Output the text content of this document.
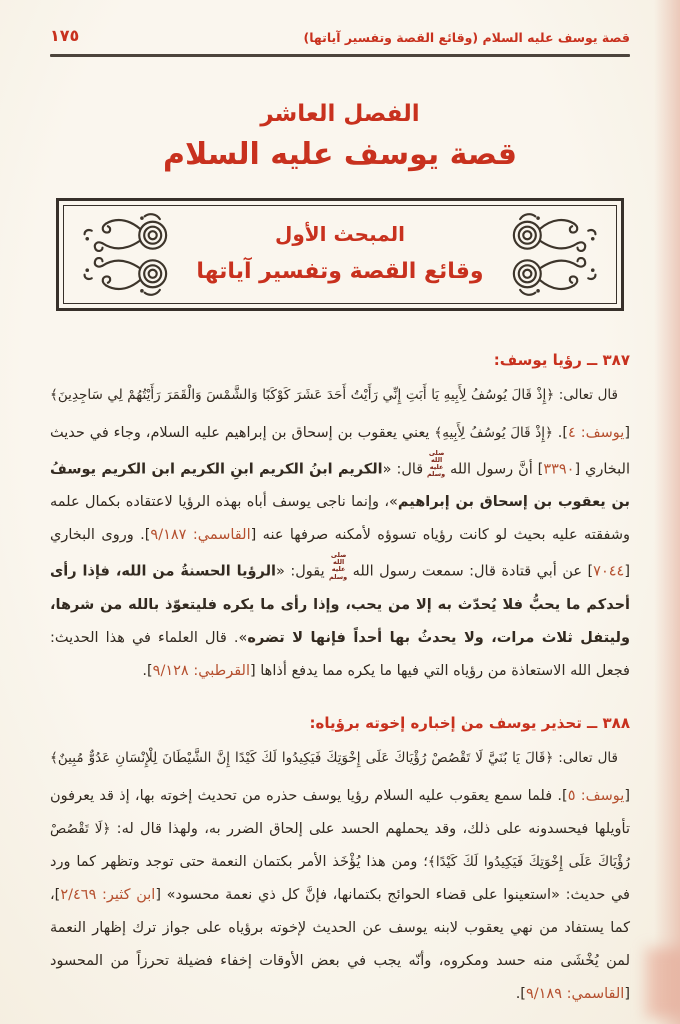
قصة يوسف عليه السلام (وقائع القصة وتفسير آياتها)
١٧٥
الفصل العاشر
قصة يوسف عليه السلام
المبحث الأول
وقائع القصة وتفسير آياتها
٣٨٧ ــ رؤيا يوسف:

قال تعالى: ﴿إِذْ قَالَ يُوسُفُ لِأَبِيهِ يَا أَبَتِ إِنِّي رَأَيْتُ أَحَدَ عَشَرَ كَوْكَبًا وَالشَّمْسَ وَالْقَمَرَ رَأَيْتُهُمْ لِي سَاجِدِينَ﴾

[يوسف: ٤]. ﴿إِذْ قَالَ يُوسُفُ لِأَبِيهِ﴾ يعني يعقوب بن إسحاق بن إبراهيم عليه السلام، وجاء في حديث البخاري [٣٣٩٠] أنَّ رسول الله صلى الله عليه وسلم قال: «الكريم ابنُ الكريم ابنِ الكريم ابن الكريم يوسفُ بن يعقوب بن إسحاق بن إبراهيم»، وإنما ناجى يوسف أباه بهذه الرؤيا لاعتقاده بكمال علمه وشفقته عليه بحيث لو كانت رؤياه تسوؤه لأمكنه صرفها عنه [القاسمي: ٩/١٨٧]. وروى البخاري [٧٠٤٤] عن أبي قتادة قال: سمعت رسول الله صلى الله عليه وسلم يقول: «الرؤيا الحسنةُ من الله، فإذا رأى أحدكم ما يحبُّ فلا يُحدّث به إلا من يحب، وإذا رأى ما يكره فليتعوّذ بالله من شرها، وليتفل ثلاث مرات، ولا يحدثُ بها أحداً فإنها لا تضره». قال العلماء في هذا الحديث: فجعل الله الاستعاذة من رؤياه التي فيها ما يكره مما يدفع أذاها [القرطبي: ٩/١٢٨].

٣٨٨ ــ تحذير يوسف من إخباره إخوته برؤياه:

قال تعالى: ﴿قَالَ يَا بُنَيَّ لَا تَقْصُصْ رُؤْيَاكَ عَلَى إِخْوَتِكَ فَيَكِيدُوا لَكَ كَيْدًا إِنَّ الشَّيْطَانَ لِلْإِنْسَانِ عَدُوٌّ مُبِينٌ﴾

[يوسف: ٥]. فلما سمع يعقوب عليه السلام رؤيا يوسف حذره من تحديث إخوته بها، إذ قد يعرفون تأويلها فيحسدونه على ذلك، وقد يحملهم الحسد على إلحاق الضرر به، ولهذا قال له: ﴿لَا تَقْصُصْ رُؤْيَاكَ عَلَى إِخْوَتِكَ فَيَكِيدُوا لَكَ كَيْدًا﴾؛ ومن هذا يُؤْخَذ الأمر بكتمان النعمة حتى توجد وتظهر كما ورد في حديث: «استعينوا على قضاء الحوائج بكتمانها، فإنَّ كل ذي نعمة محسود» [ابن كثير: ٢/٤٦٩]، كما يستفاد من نهي يعقوب لابنه يوسف عن الحديث لإخوته برؤياه على جواز ترك إظهار النعمة لمن يُخْشَى منه حسد ومكروه، وأنّه يجب في بعض الأوقات إخفاء فضيلة تحرزاً من المحسود [القاسمي: ٩/١٨٩].
